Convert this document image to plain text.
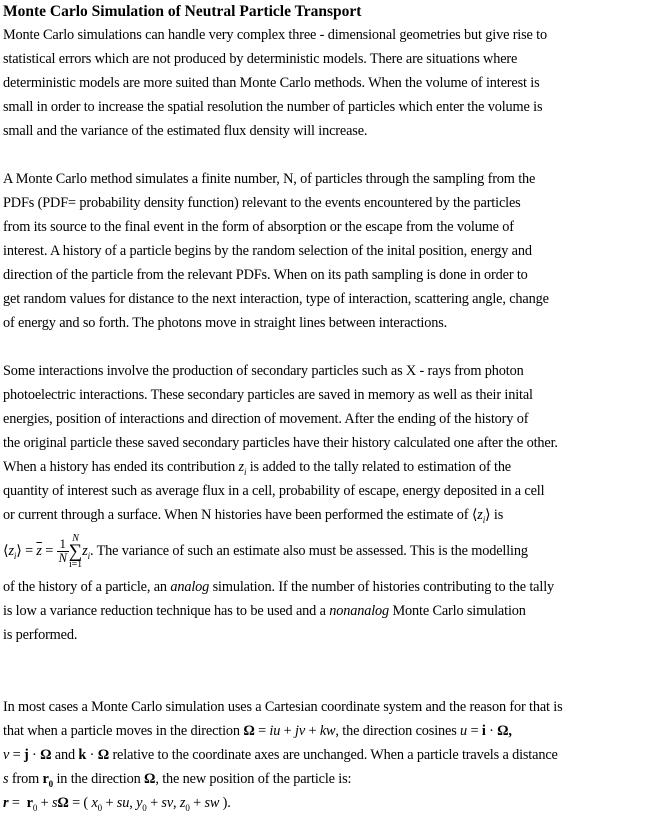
Monte Carlo Simulation of Neutral Particle Transport
Monte Carlo simulations can handle very complex three - dimensional geometries but give rise to
statistical errors which are not produced by deterministic models. There are situations where
deterministic models are more suited than Monte Carlo methods. When the volume of interest is
small in order to increase the spatial resolution the number of particles which enter the volume is
small and the variance of the estimated flux density will increase.
A Monte Carlo method simulates a finite number, N, of particles through the sampling from the
PDFs (PDF= probability density function) relevant to the events encountered by the particles
from its source to the final event in the form of absorption or the escape from the volume of
interest. A history of a particle begins by the random selection of the inital position, energy and
direction of the particle from the relevant PDFs. When on its path sampling is done in order to
get random values for distance to the next interaction, type of interaction, scattering angle, change
of energy and so forth. The photons move in straight lines between interactions.
Some interactions involve the production of secondary particles such as X - rays from photon
photoelectric interactions. These secondary particles are saved in memory as well as their inital
energies, position of interactions and direction of movement. After the ending of the history of
the original particle these saved secondary particles have their history calculated one after the other.
When a history has ended its contribution $z_i$ is added to the tally related to estimation of the
quantity of interest such as average flux in a cell, probability of escape, energy deposited in a cell
or current through a surface. When N histories have been performed the estimate of $⟨z_i⟩$ is
$⟨z_i⟩ = \overline{z} = \frac{1}{N}$ N
∑
$i=1z_i$. The variance of such an estimate also must be assessed. This is the modelling
of the history of a particle, an analog simulation. If the number of histories contributing to the tally
is low a variance reduction technique has to be used and a nonanalog Monte Carlo simulation
is performed.
In most cases a Monte Carlo simulation uses a Cartesian coordinate system and the reason for that is
that when a particle moves in the direction Ω = iu + jv + kw, the direction cosines u = i · Ω,
v = j · Ω and k · Ω relative to the coordinate axes are unchanged. When a particle travels a distance
s from $r_0$ in the direction Ω, the new position of the particle is:
$r = r_0 + s\Omega$ = ( $x_0$ + su, $y_0$ + sv, $z_0$ + sw ).
